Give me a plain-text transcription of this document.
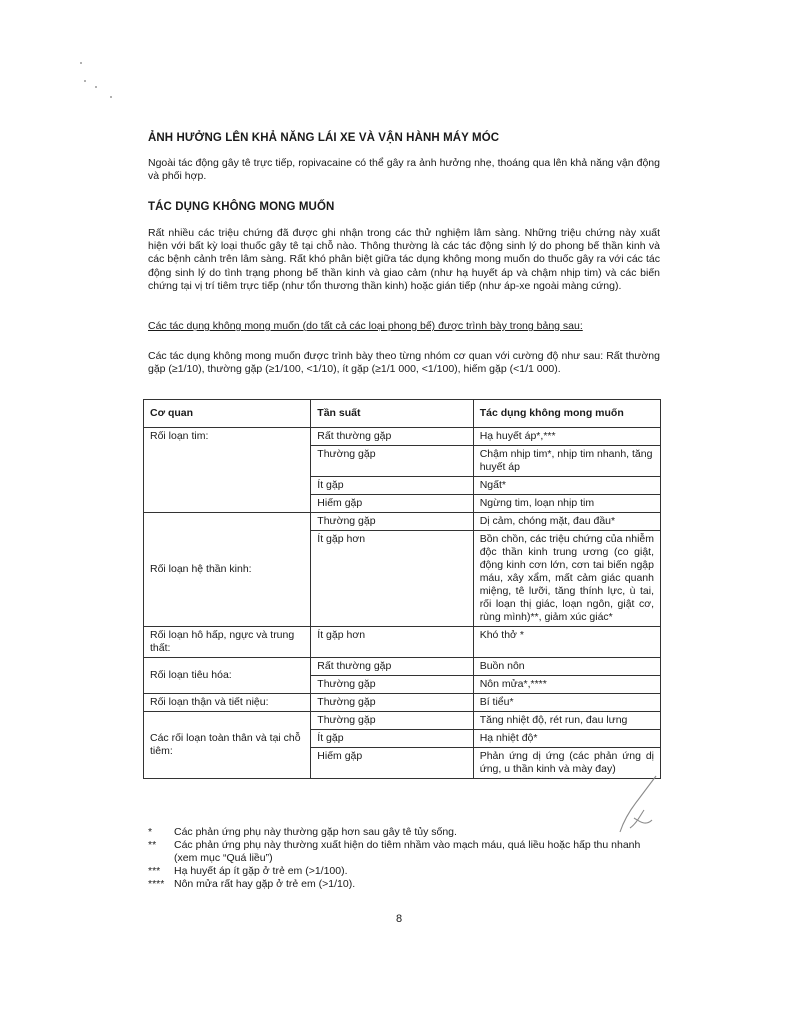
ẢNH HƯỞNG LÊN KHẢ NĂNG LÁI XE VÀ VẬN HÀNH MÁY MÓC

Ngoài tác động gây tê trực tiếp, ropivacaine có thể gây ra ảnh hưởng nhẹ, thoáng qua lên khả năng vận động và phối hợp.

TÁC DỤNG KHÔNG MONG MUỐN

Rất nhiều các triệu chứng đã được ghi nhận trong các thử nghiệm lâm sàng. Những triệu chứng này xuất hiện với bất kỳ loại thuốc gây tê tại chỗ nào. Thông thường là các tác động sinh lý do phong bế thần kinh và các bệnh cảnh trên lâm sàng. Rất khó phân biệt giữa tác dụng không mong muốn do thuốc gây ra với các tác động sinh lý do tình trạng phong bế thần kinh và giao cảm (như hạ huyết áp và chậm nhịp tim) và các biến chứng tại vị trí tiêm trực tiếp (như tổn thương thần kinh) hoặc gián tiếp (như áp-xe ngoài màng cứng).

Các tác dụng không mong muốn (do tất cả các loại phong bế) được trình bày trong bảng sau:

Các tác dụng không mong muốn được trình bày theo từng nhóm cơ quan với cường độ như sau: Rất thường gặp (≥1/10), thường gặp (≥1/100, <1/10), ít gặp (≥1/1 000, <1/100), hiếm gặp (<1/1 000).

Cơ quan	Tần suất	Tác dụng không mong muốn
Rối loạn tim:	Rất thường gặp	Hạ huyết áp*,***
	Thường gặp	Chậm nhịp tim*, nhịp tim nhanh, tăng huyết áp
	Ít gặp	Ngất*
	Hiếm gặp	Ngừng tim, loạn nhịp tim
Rối loạn hệ thần kinh:	Thường gặp	Dị cảm, chóng mặt, đau đầu*
	Ít gặp hơn	Bồn chồn, các triệu chứng của nhiễm độc thần kinh trung ương (co giật, động kinh cơn lớn, cơn tai biến ngập máu, xây xẩm, mất cảm giác quanh miệng, tê lưỡi, tăng thính lực, ù tai, rối loạn thị giác, loạn ngôn, giật cơ, rùng mình)**, giảm xúc giác*
Rối loạn hô hấp, ngực và trung thất:	Ít gặp hơn	Khó thở *
Rối loạn tiêu hóa:	Rất thường gặp	Buồn nôn
	Thường gặp	Nôn mửa*,****
Rối loạn thận và tiết niệu:	Thường gặp	Bí tiểu*
Các rối loạn toàn thân và tại chỗ tiêm:	Thường gặp	Tăng nhiệt độ, rét run, đau lưng
	Ít gặp	Hạ nhiệt độ*
	Hiếm gặp	Phản ứng dị ứng (các phản ứng dị ứng, u thần kinh và mày đay)
*	Các phản ứng phụ này thường gặp hơn sau gây tê tủy sống.
**	Các phản ứng phụ này thường xuất hiện do tiêm nhầm vào mạch máu, quá liều hoặc hấp thu nhanh (xem mục “Quá liều”)
***	Hạ huyết áp ít gặp ở trẻ em (>1/100).
**** Nôn mửa rất hay gặp ở trẻ em (>1/10).
8
